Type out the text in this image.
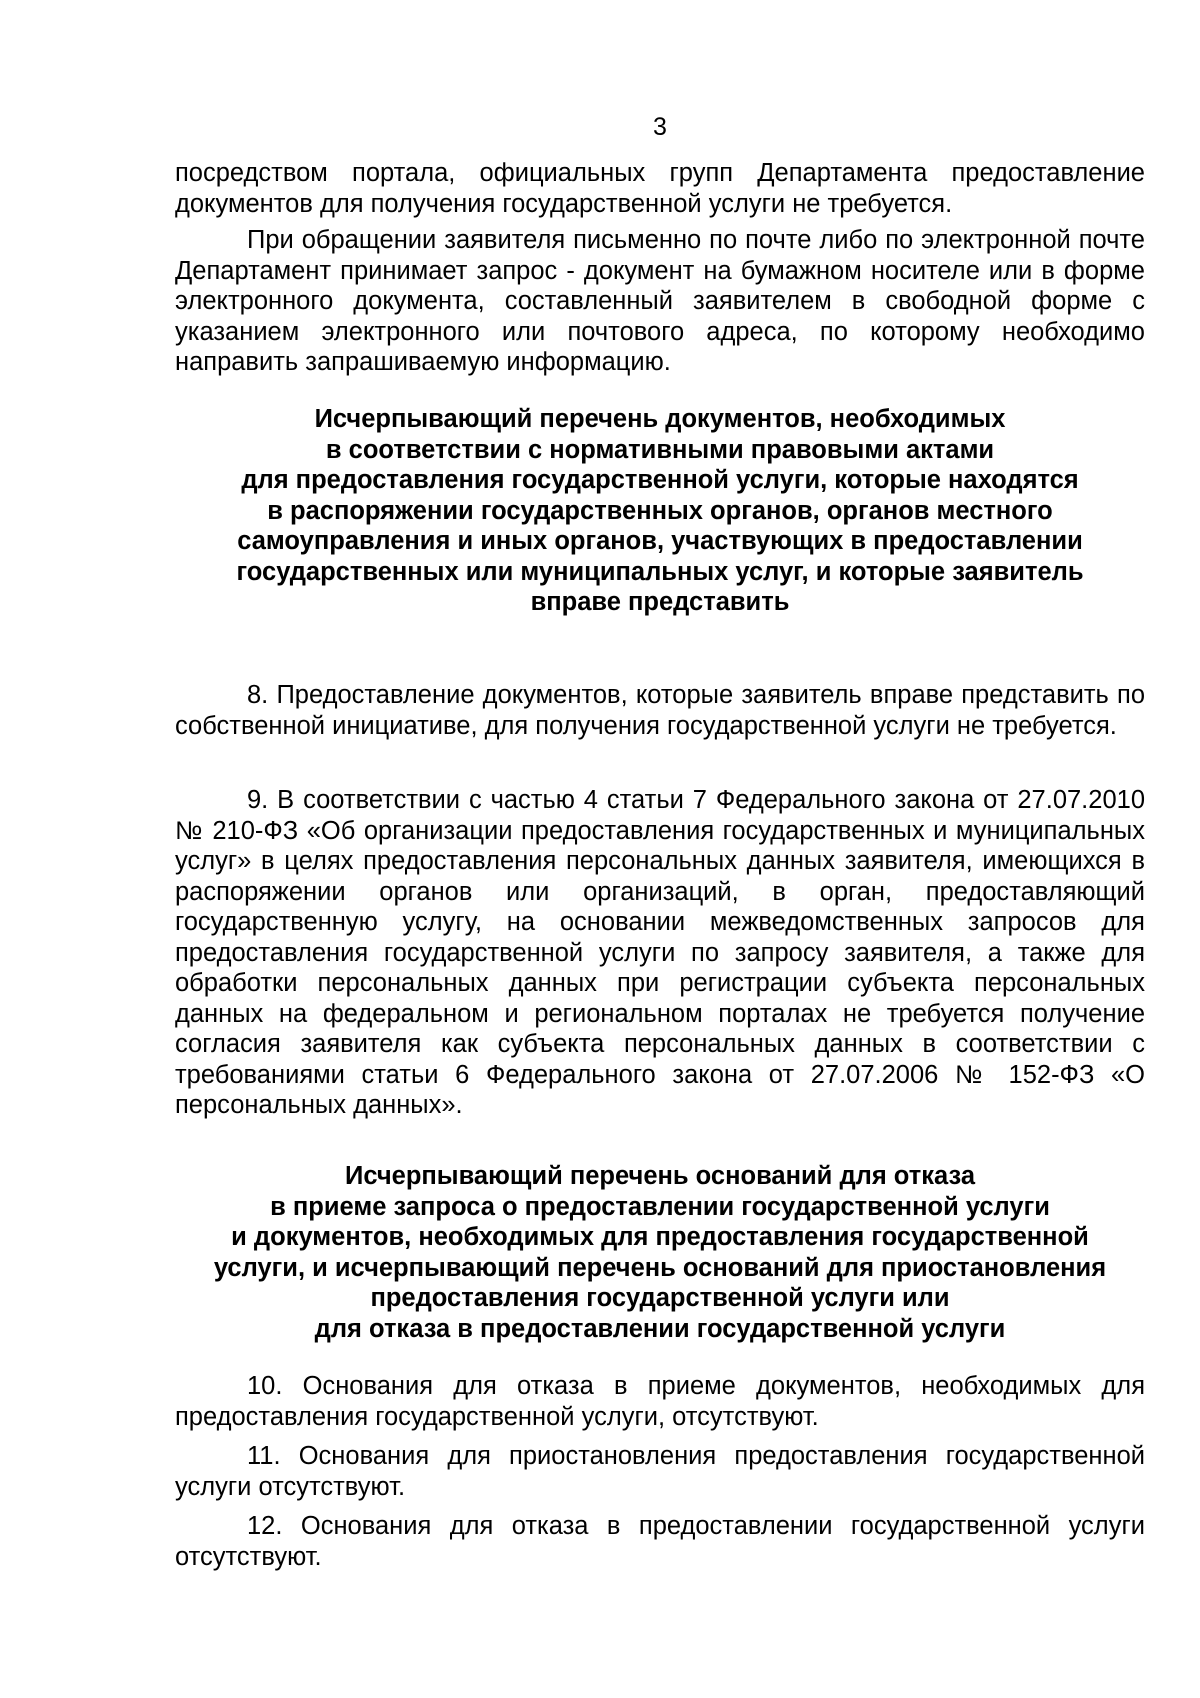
3

посредством портала, официальных групп Департамента предоставление документов для получения государственной услуги не требуется.

При обращении заявителя письменно по почте либо по электронной почте Департамент принимает запрос - документ на бумажном носителе или в форме электронного документа, составленный заявителем в свободной форме с указанием электронного или почтового адреса, по которому необходимо направить запрашиваемую информацию.

Исчерпывающий перечень документов, необходимых
в соответствии с нормативными правовыми актами
для предоставления государственной услуги, которые находятся
в распоряжении государственных органов, органов местного
самоуправления и иных органов, участвующих в предоставлении
государственных или муниципальных услуг, и которые заявитель
вправе представить

8. Предоставление документов, которые заявитель вправе представить по собственной инициативе, для получения государственной услуги не требуется.

9. В соответствии с частью 4 статьи 7 Федерального закона от 27.07.2010 № 210-ФЗ «Об организации предоставления государственных и муниципальных услуг» в целях предоставления персональных данных заявителя, имеющихся в распоряжении органов или организаций, в орган, предоставляющий государственную услугу, на основании межведомственных запросов для предоставления государственной услуги по запросу заявителя, а также для обработки персональных данных при регистрации субъекта персональных данных на федеральном и региональном порталах не требуется получение согласия заявителя как субъекта персональных данных в соответствии с требованиями статьи 6 Федерального закона от 27.07.2006 № 152-ФЗ «О персональных данных».

Исчерпывающий перечень оснований для отказа
в приеме запроса о предоставлении государственной услуги
и документов, необходимых для предоставления государственной
услуги, и исчерпывающий перечень оснований для приостановления
предоставления государственной услуги или
для отказа в предоставлении государственной услуги

10. Основания для отказа в приеме документов, необходимых для предоставления государственной услуги, отсутствуют.

11. Основания для приостановления предоставления государственной услуги отсутствуют.

12. Основания для отказа в предоставлении государственной услуги отсутствуют.
